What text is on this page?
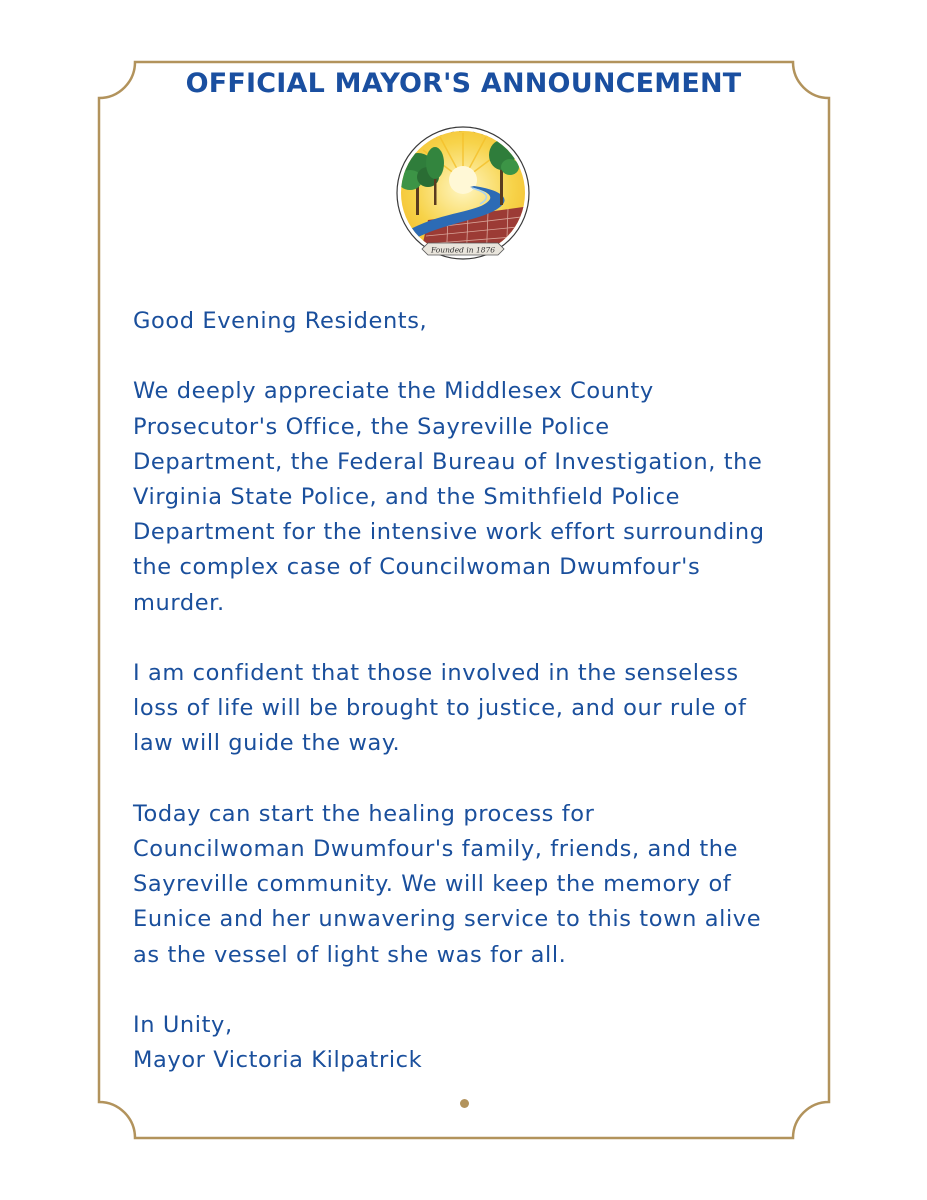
OFFICIAL MAYOR'S ANNOUNCEMENT
Founded in 1876

Good Evening Residents,

We deeply appreciate the Middlesex County
Prosecutor's Office, the Sayreville Police
Department, the Federal Bureau of Investigation, the
Virginia State Police, and the Smithfield Police
Department for the intensive work effort surrounding
the complex case of Councilwoman Dwumfour's
murder.

I am confident that those involved in the senseless
loss of life will be brought to justice, and our rule of
law will guide the way.

Today can start the healing process for
Councilwoman Dwumfour's family, friends, and the
Sayreville community. We will keep the memory of
Eunice and her unwavering service to this town alive
as the vessel of light she was for all.

In Unity,

Mayor Victoria Kilpatrick
